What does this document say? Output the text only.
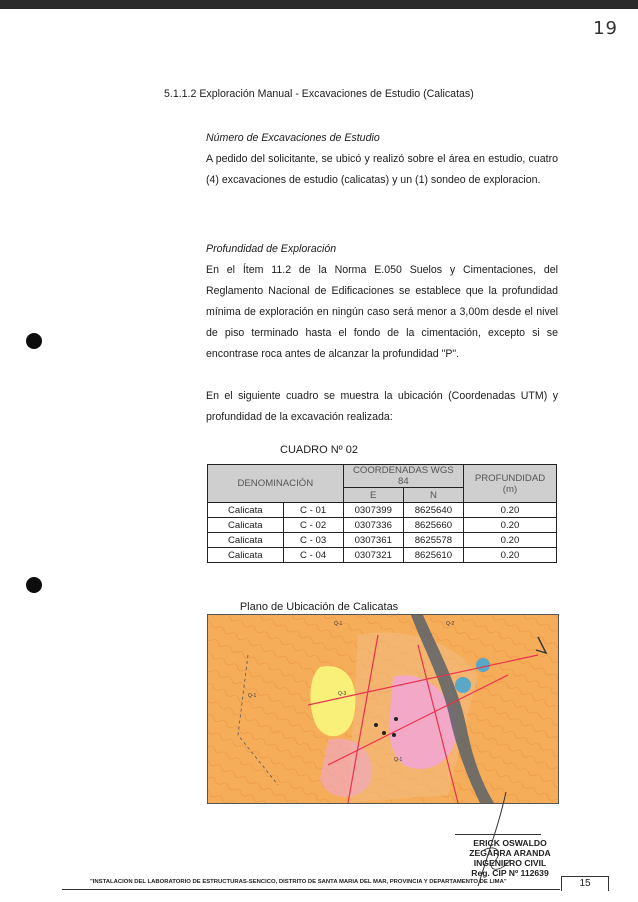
19
5.1.1.2 Exploración Manual - Excavaciones de Estudio (Calicatas)
Número de Excavaciones de Estudio

A pedido del solicitante, se ubicó y realizó sobre el área en estudio, cuatro (4) excavaciones de estudio (calicatas) y un (1) sondeo de exploracion.

Profundidad de Exploración

En el Ítem 11.2 de la Norma E.050 Suelos y Cimentaciones, del Reglamento Nacional de Edificaciones se establece que la profundidad mínima de exploración en ningún caso será menor a 3,00m desde el nivel de piso terminado hasta el fondo de la cimentación, excepto si se encontrase roca antes de alcanzar la profundidad "P".

En el siguiente cuadro se muestra la ubicación (Coordenadas UTM) y profundidad de la excavación realizada:

CUADRO Nº 02
DENOMINACIÓN		COORDENADAS WGS 84		PROFUNDIDAD (m)
		E	N	
Calicata	C - 01	0307399	8625640	0.20
Calicata	C - 02	0307336	8625660	0.20
Calicata	C - 03	0307361	8625578	0.20
Calicata	C - 04	0307321	8625610	0.20
Plano de Ubicación de Calicatas
Q-1	Q-2
Q-1	Q-3
Q-1
ERICK OSWALDO
ZEGARRA ARANDA
INGENIERO CIVIL
Reg. CIP Nº 112639
"INSTALACION DEL LABORATORIO DE ESTRUCTURAS-SENCICO, DISTRITO DE SANTA MARIA DEL MAR, PROVINCIA Y DEPARTAMENTO DE LIMA"	15
